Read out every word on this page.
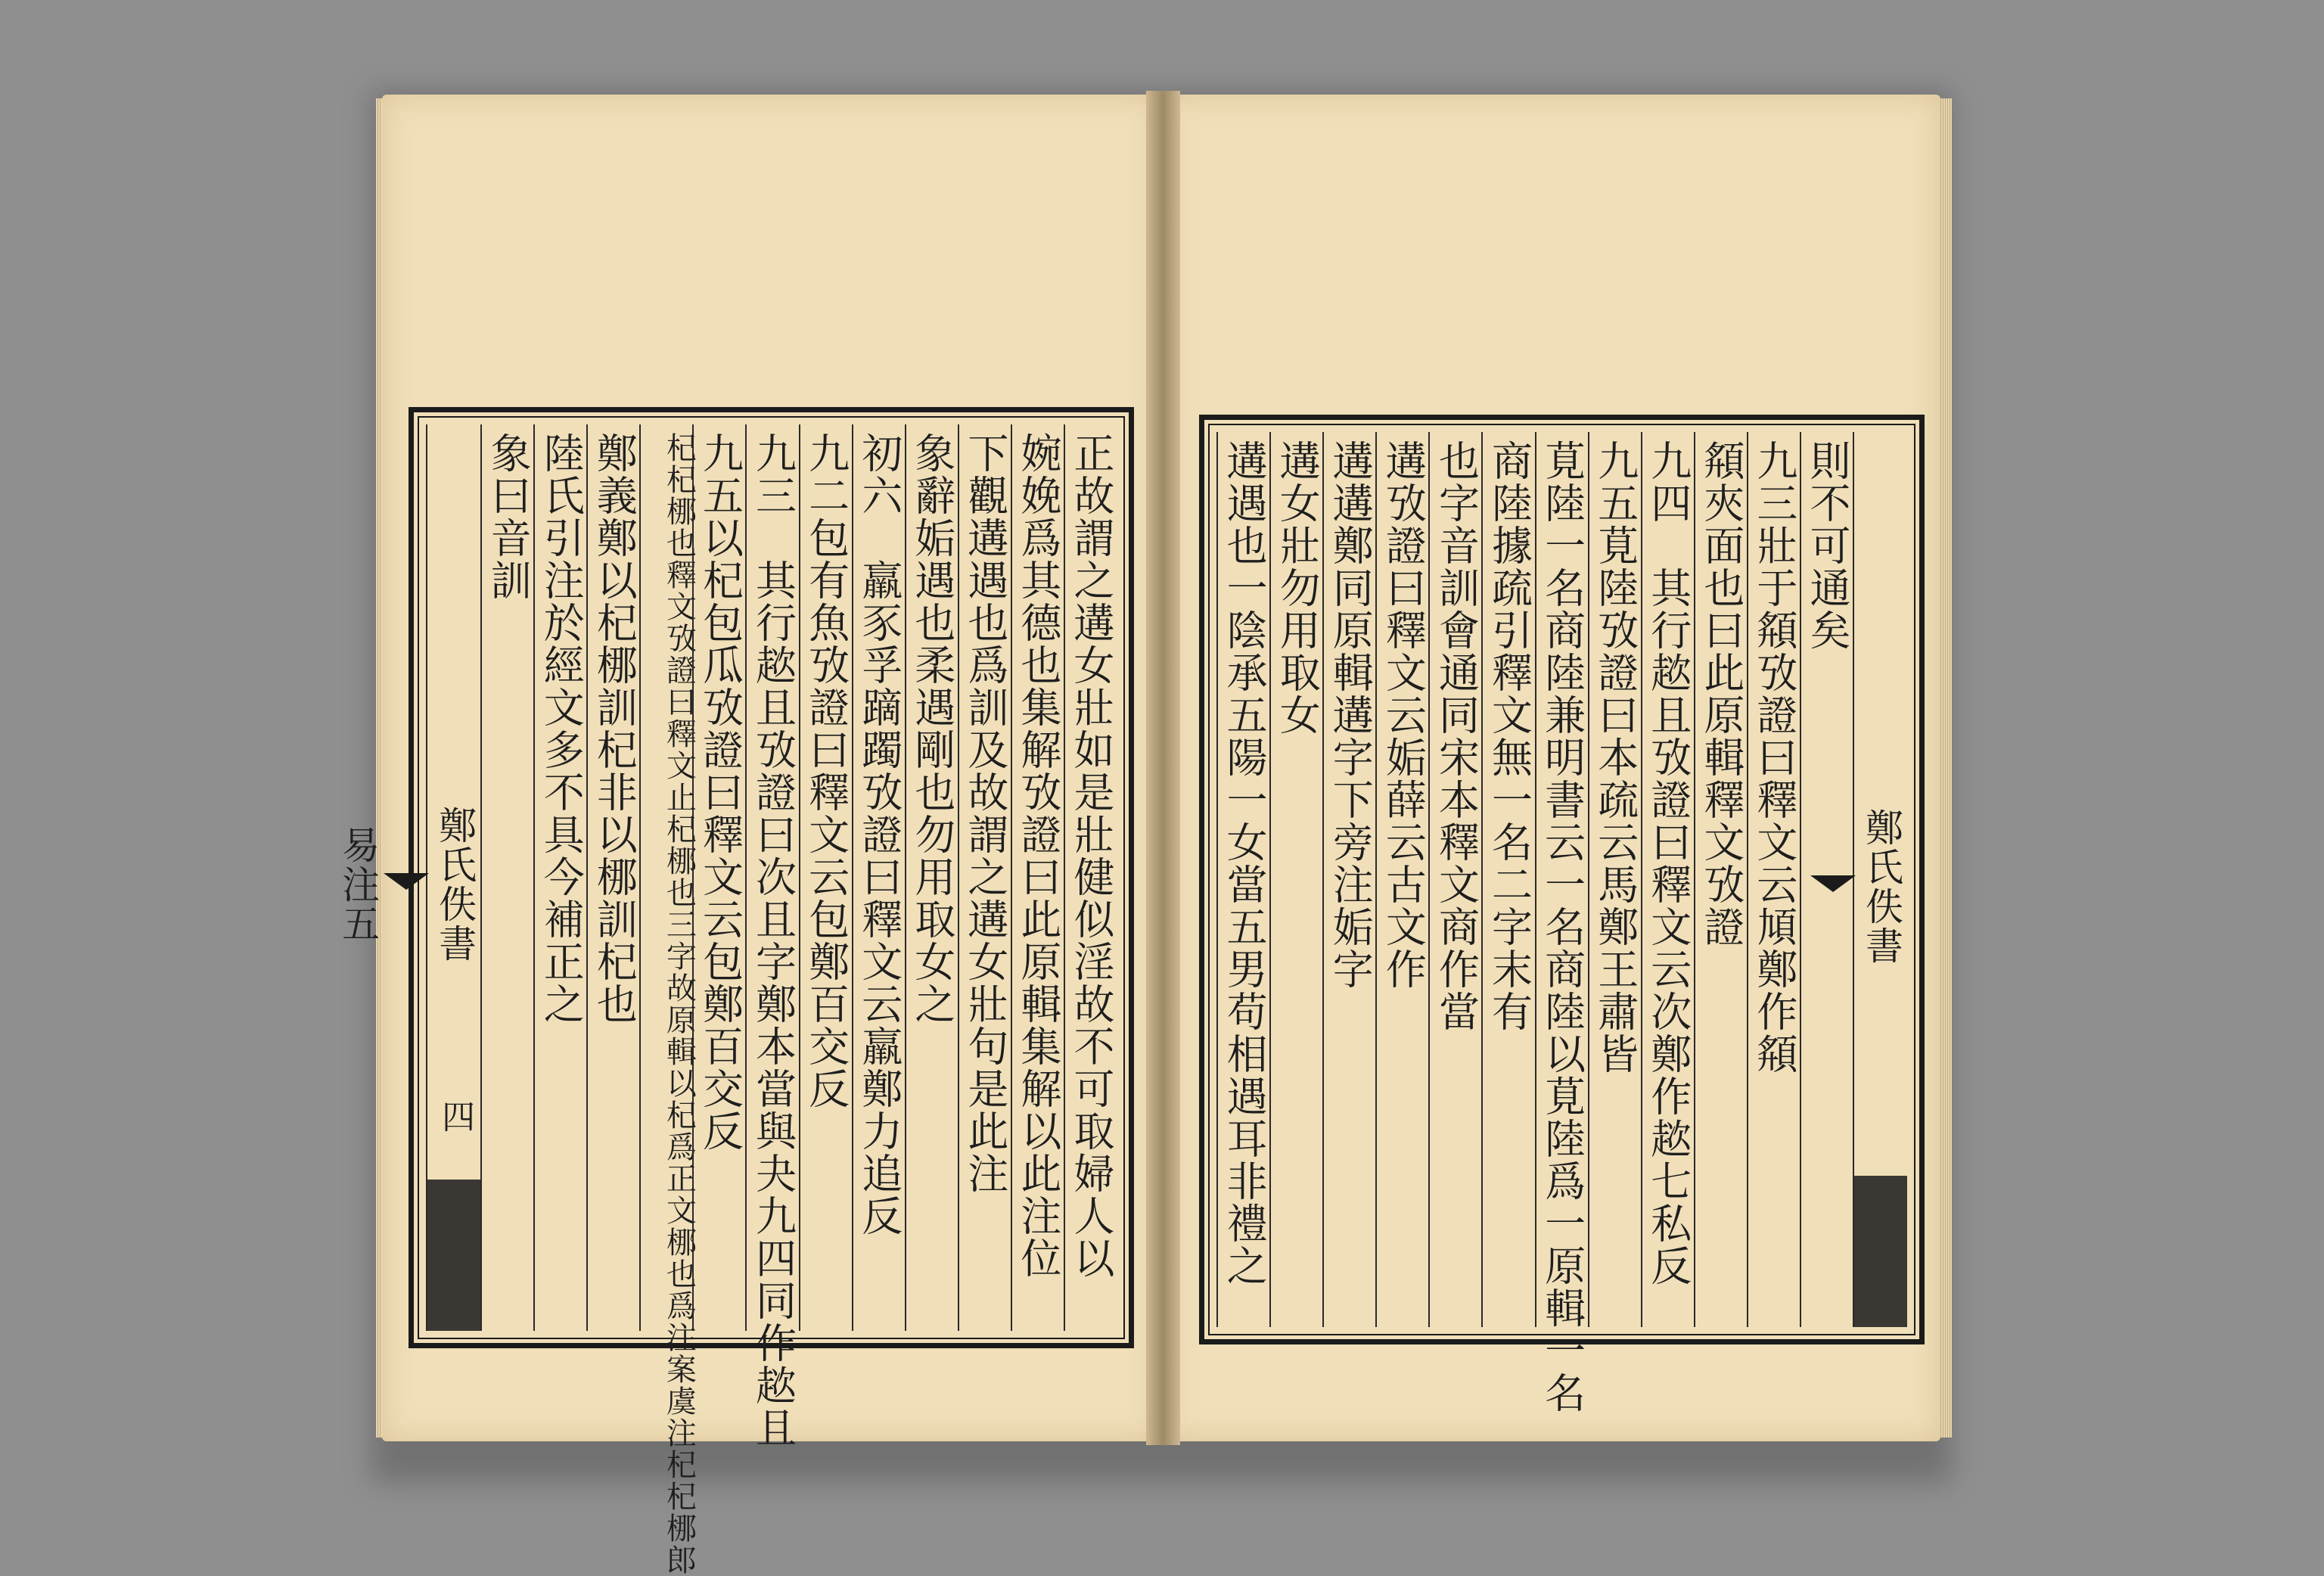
正故謂之遘女壯如是壯健似淫故不可取婦人以
婉娩爲其德也集解攷證曰此原輯集解以此注位
下觀遘遇也爲訓及故謂之遘女壯句是此注
象辭姤遇也柔遇剛也勿用取女之
初六　羸豕孚蹢躅攷證曰釋文云羸鄭力追反
九二包有魚攷證曰釋文云包鄭百交反
九三　其行趑且攷證曰次且字鄭本當與夬九四同作趑且
九五以杞包瓜攷證曰釋文云包鄭百交反
杞杞梛也釋文攷證曰釋文止杞梛也三字故原輯以杞爲正文梛也爲注案虞注杞杞梛郎
鄭義鄭以杞梛訓杞非以梛訓杞也
陸氏引注於經文多不具今補正之
象曰音訓
鄭氏佚書
易注五
四
鄭氏佚書
則不可通矣
九三壯于頯攷證曰釋文云頄鄭作頯
頯夾面也曰此原輯釋文攷證
九四　其行趑且攷證曰釋文云次鄭作趑七私反
九五莧陸攷證曰本疏云馬鄭王肅皆
莧陸一名商陸兼明書云一名商陸以莧陸爲一原輯一名
商陸據疏引釋文無一名二字末有
也字音訓會通同宋本釋文商作當
遘攷證曰釋文云姤薛云古文作
遘遘鄭同原輯遘字下旁注姤字
遘女壯勿用取女
遘遇也一陰承五陽一女當五男苟相遇耳非禮之
